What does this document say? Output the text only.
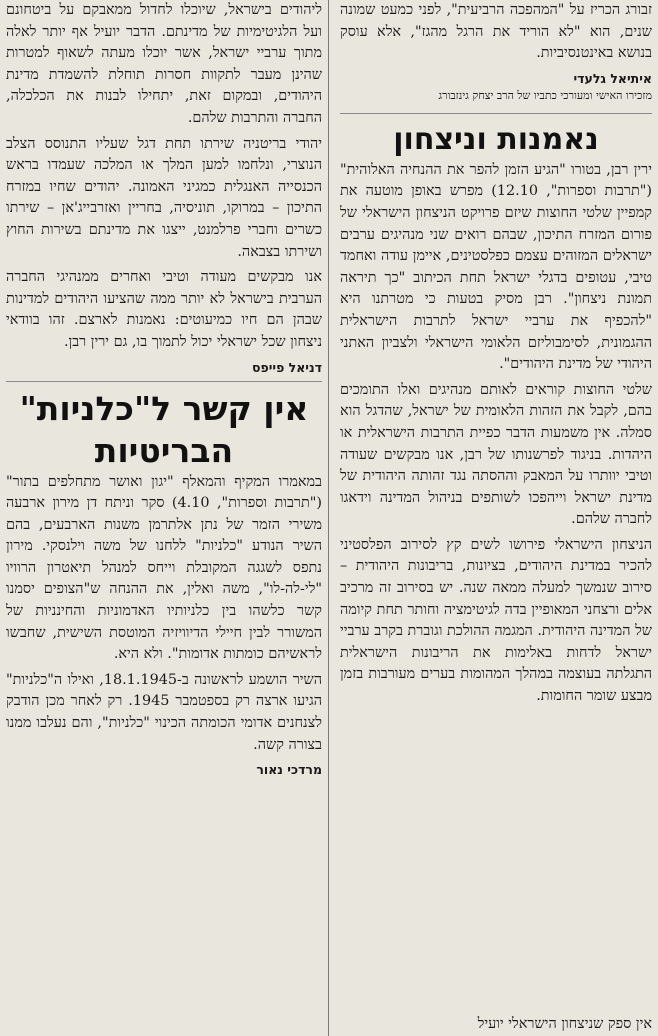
זבורג הכריז על "המהפכה הרביעית", לפני כמעט שמונה שנים, הוא "לא הוריד את הרגל מהגז", אלא עוסק בנושא באינטנסיביות.

איתיאל גלעדי
מזכירו האישי ומעורכי כתביו של הרב יצחק גינזבורג
נאמנות וניצחון

ירין רבן, בטורו "הגיע הזמן להפר את ההנחיה האלוהית" ("תרבות וספרות", 12.10) מפרש באופן מוטעה את קמפיין שלטי החוצות שיזם פרויקט הניצחון הישראלי של פורום המזרח התיכון, שבהם רואים שני מנהיגים ערבים ישראלים המזוהים עצמם כפלסטינים, איימן עודה ואחמד טיבי, עטופים בדגלי ישראל תחת הכיתוב "כך תיראה תמונת ניצחון". רבן מסיק בטעות כי מטרתנו היא "להכפיף את ערביי ישראל לתרבות הישראלית ההגמונית, לסימבוליזם הלאומי הישראלי ולצביון האתני היהודי של מדינת היהודים".

שלטי החוצות קוראים לאותם מנהיגים ואלו התומכים בהם, לקבל את הזהות הלאומית של ישראל, שהדגל הוא סמלה. אין משמעות הדבר כפיית התרבות הישראלית או היהדות. בניגוד לפרשנותו של רבן, אנו מבקשים שעודה וטיבי יוותרו על המאבק וההסתה נגד זהותה היהודית של מדינת ישראל וייהפכו לשותפים בניהול המדינה וידאגו לחברה שלהם.

הניצחון הישראלי פירושו לשים קץ לסירוב הפלסטיני להכיר במדינת היהודים, בציונות, בריבונות היהודית – סירוב שנמשך למעלה ממאה שנה. יש בסירוב זה מרכיב אלים ורצחני המאופיין בדה לגיטימציה וחותר תחת קיומה של המדינה היהודית. המגמה ההולכת וגוברת בקרב ערביי ישראל לדחות באלימות את הריבונות הישראלית התגלתה בעוצמה במהלך המהומות בערים מעורבות בזמן מבצע שומר החומות.

אין ספק שניצחון הישראלי יועיל

ליהודים בישראל, שיוכלו לחדול ממאבקם על ביטחונם ועל הלגיטימיות של מדינתם. הדבר יועיל אף יותר לאלה מתוך ערביי ישראל, אשר יוכלו מעתה לשאוף למטרות שהינן מעבר לתקוות חסרות תוחלת להשמדת מדינת היהודים, ובמקום זאת, יתחילו לבנות את הכלכלה, החברה והתרבות שלהם.

יהודי בריטניה שירתו תחת דגל שעליו התנוסס הצלב הנוצרי, ונלחמו למען המלך או המלכה שעמדו בראש הכנסייה האנגלית כמגיני האמונה. יהודים שחיו במזרח התיכון – במרוקו, תוניסיה, בחריין ואזרבייג'אן – שירתו כשרים וחברי פרלמנט, ייצגו את מדינתם בשירות החוץ ושירתו בצבאה.

אנו מבקשים מעודה וטיבי ואחרים ממנהיגי החברה הערבית בישראל לא יותר ממה שהציעו היהודים למדינות שבהן הם חיו כמיעוטים: נאמנות לארצם. זהו בוודאי ניצחון שכל ישראלי יכול לתמוך בו, גם ירין רבן.

דניאל פייפס
אין קשר ל"כלניות" הבריטיות

במאמרו המקיף והמאלף "יגון ואושר מתחלפים בתור" ("תרבות וספרות", 4.10) סקר וניתח דן מירון ארבעה משירי הזמר של נתן אלתרמן משנות הארבעים, בהם השיר הנודע "כלניות" ללחנו של משה וילנסקי. מירון נתפס לשגגה המקובלת וייחס למנהל תיאטרון הרוויו "לי-לה-לו", משה ואלין, את ההנחה ש"הצופים יסמנו קשר כלשהו בין כלניותיו האדמוניות והחינניות של המשורר לבין חיילי הדיוויזיה המוטסת השישית, שחבשו לראשיהם כומתות אדומות". ולא היא.

השיר הושמע לראשונה ב-18.1.1945, ואילו ה"כלניות" הגיעו ארצה רק בספטמבר 1945. רק לאחר מכן הודבק לצנחנים אדומי הכומתה הכינוי "כלניות", והם נעלבו ממנו בצורה קשה.

מרדכי נאור
